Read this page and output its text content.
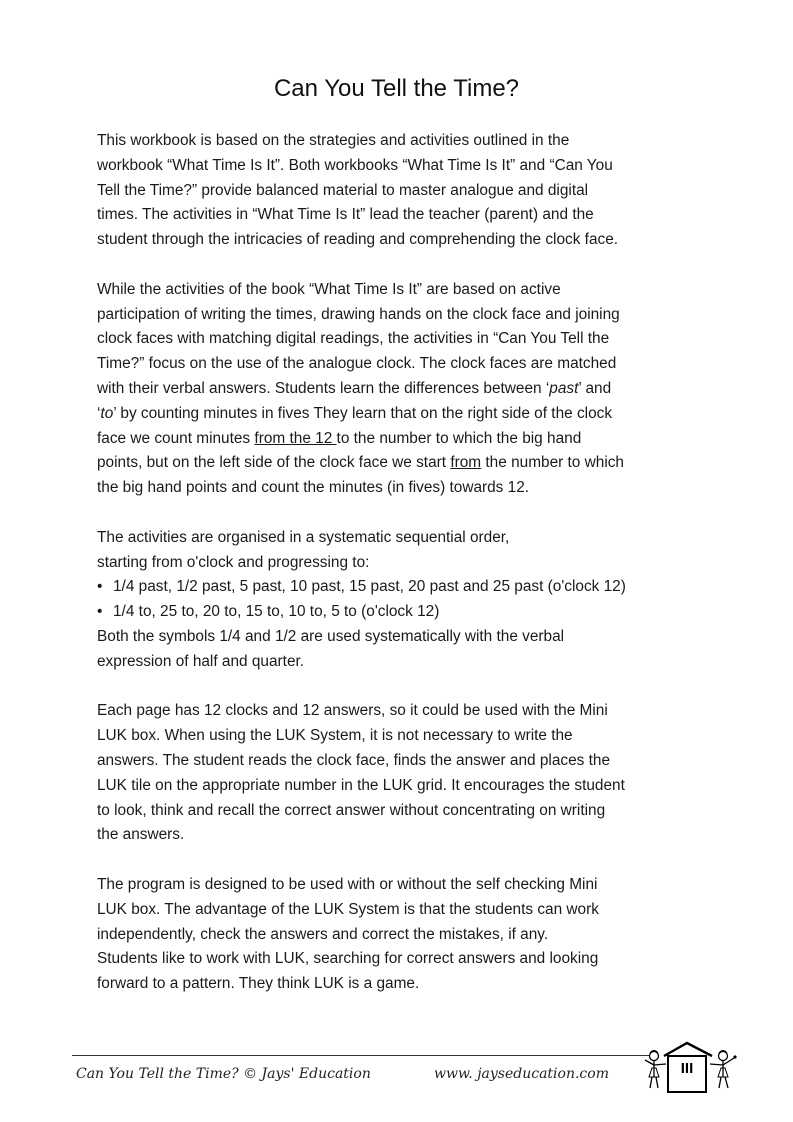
Can You Tell the Time?

This workbook is based on the strategies and activities outlined in the
workbook “What Time Is It”. Both workbooks “What Time Is It” and “Can You
Tell the Time?” provide balanced material to master analogue and digital
times. The activities in “What Time Is It” lead the teacher (parent) and the
student through the intricacies of reading and comprehending the clock face.

While the activities of the book “What Time Is It” are based on active
participation of writing the times, drawing hands on the clock face and joining
clock faces with matching digital readings, the activities in “Can You Tell the
Time?” focus on the use of the analogue clock. The clock faces are matched
with their verbal answers. Students learn the differences between ‘past’ and
‘to’ by counting minutes in fives They learn that on the right side of the clock
face we count minutes from the 12 to the number to which the big hand
points, but on the left side of the clock face we start from the number to which
the big hand points and count the minutes (in fives) towards 12.

The activities are organised in a systematic sequential order,
starting from o'clock and progressing to:
• 1/4 past, 1/2 past, 5 past, 10 past, 15 past, 20 past and 25 past (o'clock 12)
• 1/4 to, 25 to, 20 to, 15 to, 10 to, 5 to (o'clock 12)
Both the symbols 1/4 and 1/2 are used systematically with the verbal
expression of half and quarter.

Each page has 12 clocks and 12 answers, so it could be used with the Mini
LUK box. When using the LUK System, it is not necessary to write the
answers. The student reads the clock face, finds the answer and places the
LUK tile on the appropriate number in the LUK grid. It encourages the student
to look, think and recall the correct answer without concentrating on writing
the answers.

The program is designed to be used with or without the self checking Mini
LUK box. The advantage of the LUK System is that the students can work
independently, check the answers and correct the mistakes, if any.
Students like to work with LUK, searching for correct answers and looking
forward to a pattern. They think LUK is a game.

Can You Tell the Time? © Jays' Education	www. jayseducation.com	III
